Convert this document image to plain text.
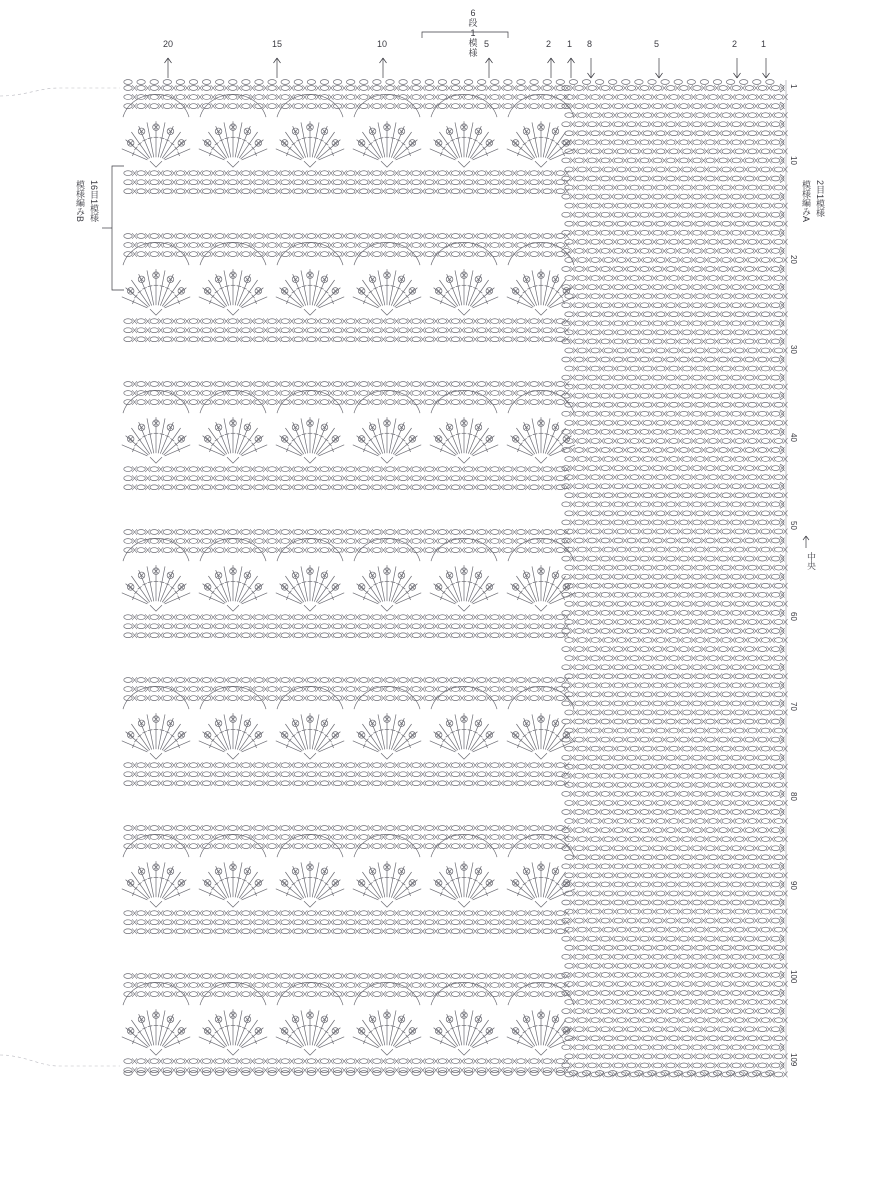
6
段
1
模
様
模様編みB 16目1模様	模様編みA 2目1模様
中央
20	15	10	5	2 1 8	5	2	1
1
10
20
30
40
50
60
70
80
90
100
109
